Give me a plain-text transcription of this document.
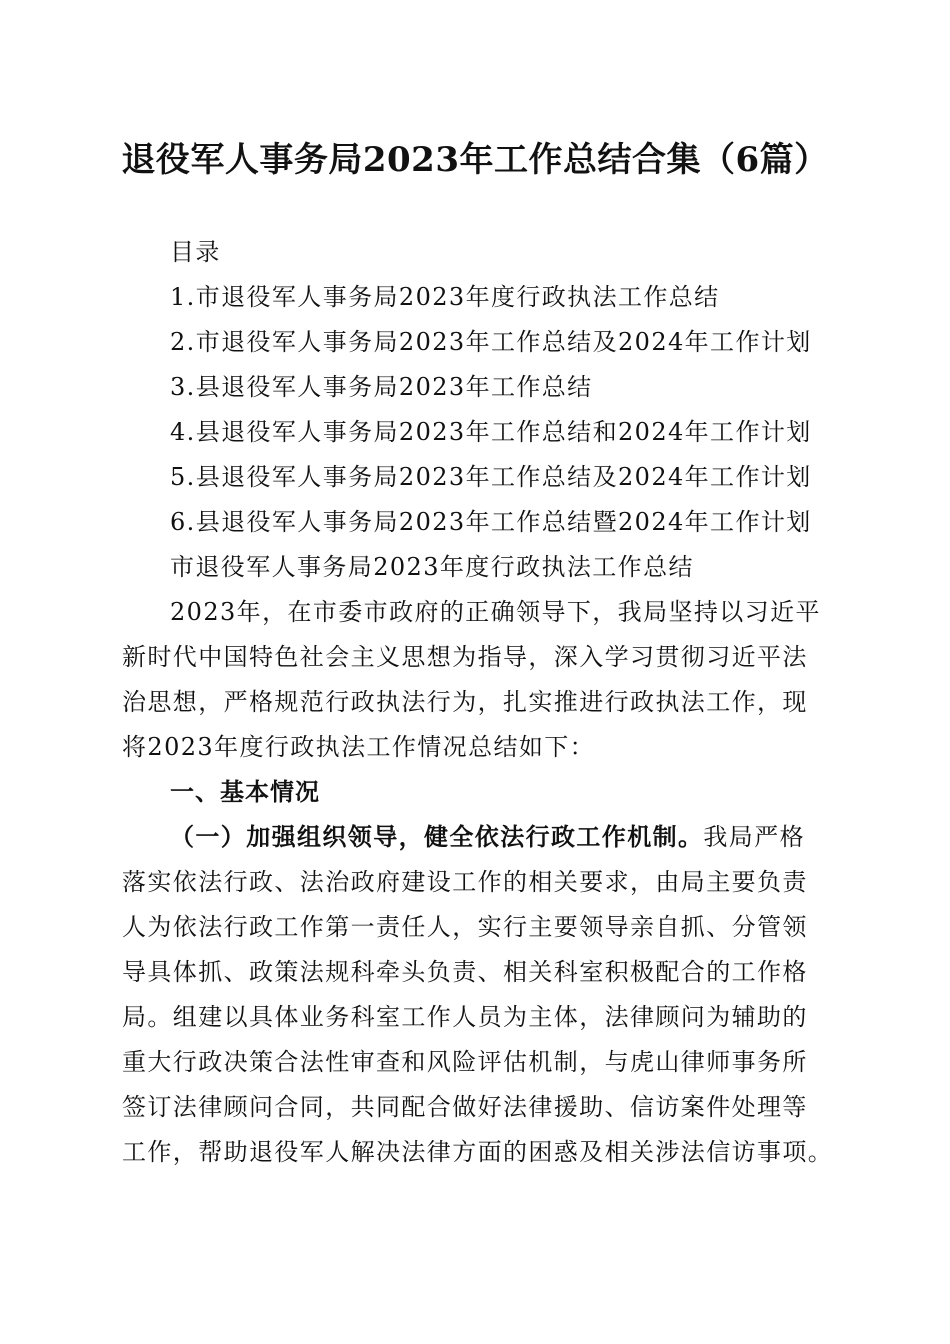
退役军人事务局2023年工作总结合集（6篇）
目录
1.市退役军人事务局2023年度行政执法工作总结
2.市退役军人事务局2023年工作总结及2024年工作计划
3.县退役军人事务局2023年工作总结
4.县退役军人事务局2023年工作总结和2024年工作计划
5.县退役军人事务局2023年工作总结及2024年工作计划
6.县退役军人事务局2023年工作总结暨2024年工作计划
市退役军人事务局2023年度行政执法工作总结
2023年，在市委市政府的正确领导下，我局坚持以习近平
新时代中国特色社会主义思想为指导，深入学习贯彻习近平法
治思想，严格规范行政执法行为，扎实推进行政执法工作，现
将2023年度行政执法工作情况总结如下：
一、基本情况
（一）加强组织领导，健全依法行政工作机制。我局严格
落实依法行政、法治政府建设工作的相关要求，由局主要负责
人为依法行政工作第一责任人，实行主要领导亲自抓、分管领
导具体抓、政策法规科牵头负责、相关科室积极配合的工作格
局。组建以具体业务科室工作人员为主体，法律顾问为辅助的
重大行政决策合法性审查和风险评估机制，与虎山律师事务所
签订法律顾问合同，共同配合做好法律援助、信访案件处理等
工作，帮助退役军人解决法律方面的困惑及相关涉法信访事项。
